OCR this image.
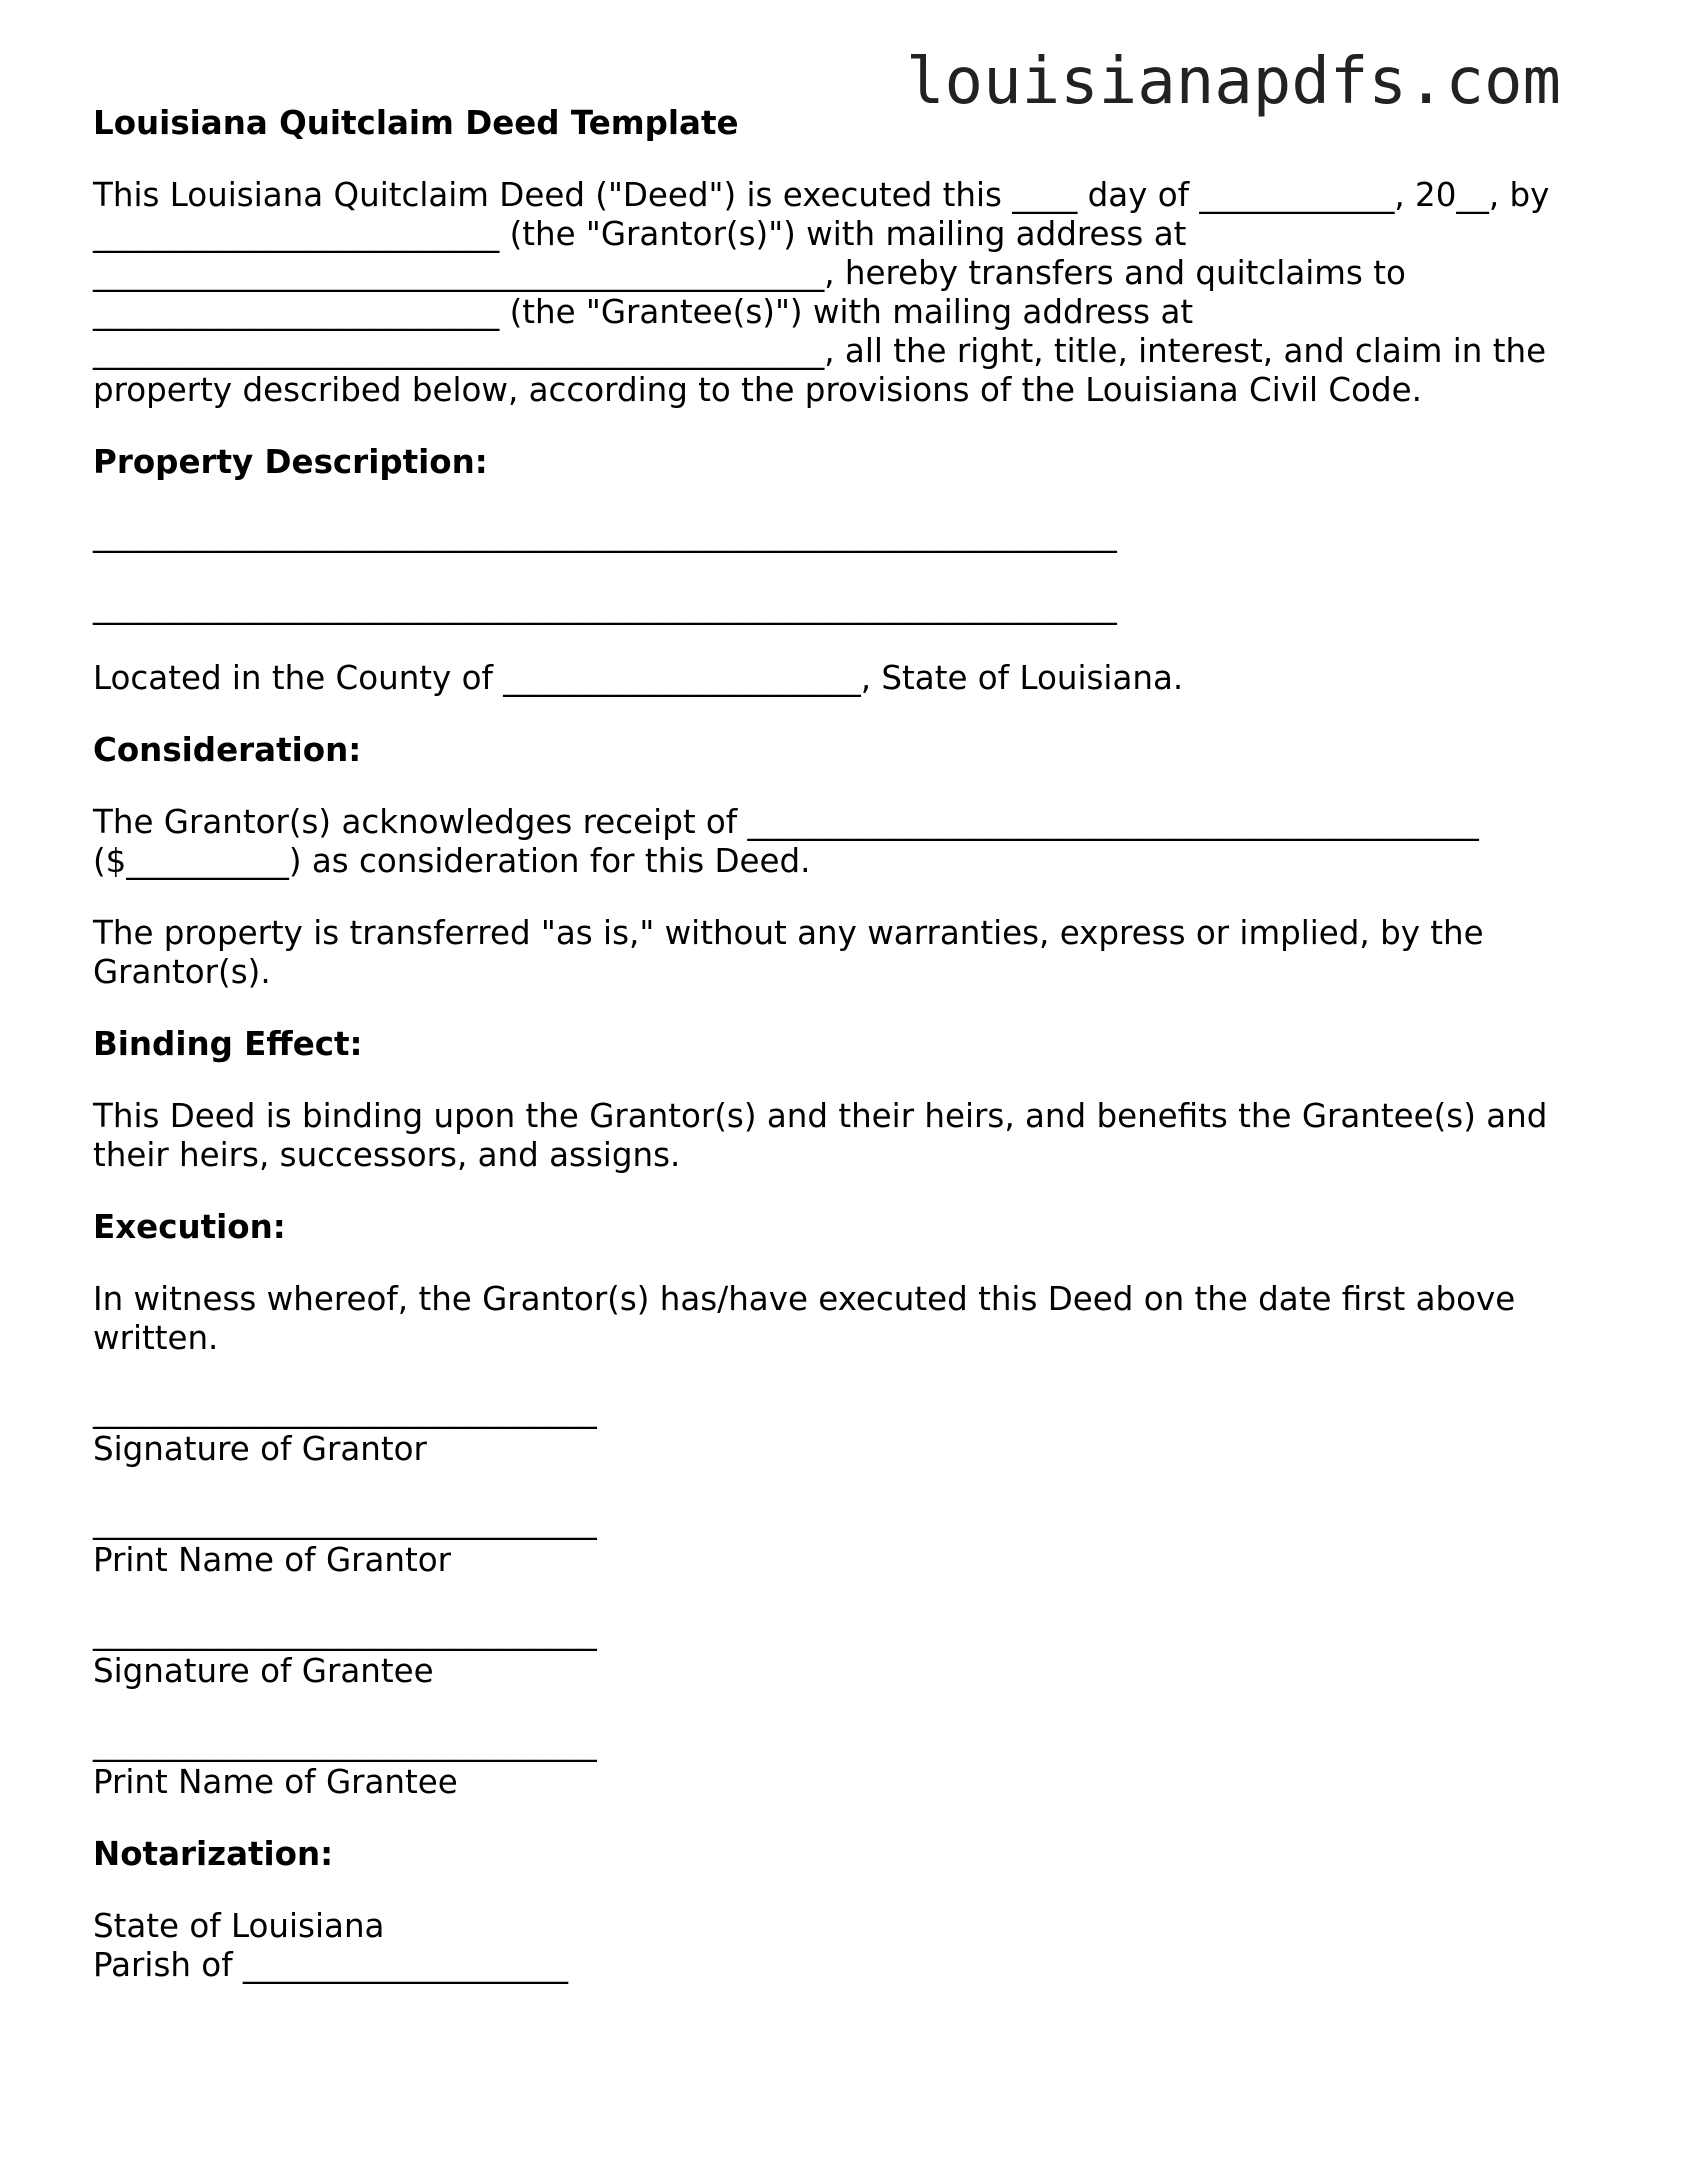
louisianapdfs.com

Louisiana Quitclaim Deed Template

This Louisiana Quitclaim Deed ("Deed") is executed this ____ day of ____________, 20__, by

_________________________ (the "Grantor(s)") with mailing address at

_____________________________________________, hereby transfers and quitclaims to

_________________________ (the "Grantee(s)") with mailing address at

_____________________________________________, all the right, title, interest, and claim in the

property described below, according to the provisions of the Louisiana Civil Code.

Property Description:

_______________________________________________________________

_______________________________________________________________

Located in the County of ______________________, State of Louisiana.

Consideration:

The Grantor(s) acknowledges receipt of _____________________________________________

($__________) as consideration for this Deed.

The property is transferred "as is," without any warranties, express or implied, by the

Grantor(s).

Binding Effect:

This Deed is binding upon the Grantor(s) and their heirs, and benefits the Grantee(s) and

their heirs, successors, and assigns.

Execution:

In witness whereof, the Grantor(s) has/have executed this Deed on the date first above

written.

_______________________________

Signature of Grantor

_______________________________

Print Name of Grantor

_______________________________

Signature of Grantee

_______________________________

Print Name of Grantee

Notarization:

State of Louisiana

Parish of ____________________
